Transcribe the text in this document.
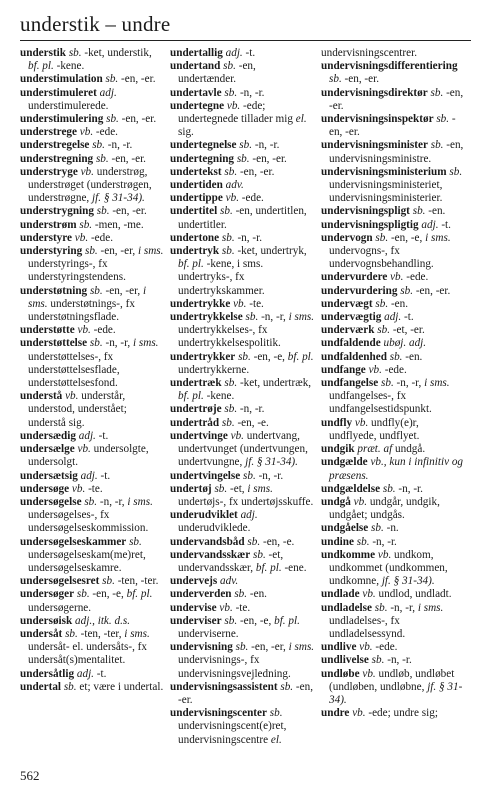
understik – undre

understik sb. -ket, understik, bf. pl. -kene.

understimulation sb. -en, -er.

understimuleret adj. understimulerede.

understimulering sb. -en, -er.

understrege vb. -ede.

understregelse sb. -n, -r.

understregning sb. -en, -er.

understryge vb. understrøg, understrøget (understrøgen, understrøgne, jf. § 31-34).

understrygning sb. -en, -er.

understrøm sb. -men, -me.

understyre vb. -ede.

understyring sb. -en, -er, i sms. understyrings-, fx understyringstendens.

understøtning sb. -en, -er, i sms. understøtnings-, fx understøtningsflade.

understøtte vb. -ede.

understøttelse sb. -n, -r, i sms. understøttelses-, fx understøttelsesflade, understøttelsesfond.

understå vb. understår, understod, understået; understå sig.

undersædig adj. -t.

undersælge vb. undersolgte, undersolgt.

undersætsig adj. -t.

undersøge vb. -te.

undersøgelse sb. -n, -r, i sms. undersøgelses-, fx undersøgelseskommission.

undersøgelseskammer sb. undersøgelseskam(me)ret, undersøgelseskamre.

undersøgelsesret sb. -ten, -ter.

undersøger sb. -en, -e, bf. pl. undersøgerne.

undersøisk adj., itk. d.s.

undersåt sb. -ten, -ter, i sms. undersåt- el. undersåts-, fx undersåt(s)mentalitet.

undersåtlig adj. -t.

undertal sb. et; være i undertal.

undertallig adj. -t.

undertand sb. -en, undertænder.

undertavle sb. -n, -r.

undertegne vb. -ede; undertegnede tillader mig el. sig.

undertegnelse sb. -n, -r.

undertegning sb. -en, -er.

undertekst sb. -en, -er.

undertiden adv.

undertippe vb. -ede.

undertitel sb. -en, undertitlen, undertitler.

undertone sb. -n, -r.

undertryk sb. -ket, undertryk, bf. pl. -kene, i sms. undertryks-, fx undertrykskammer.

undertrykke vb. -te.

undertrykkelse sb. -n, -r, i sms. undertrykkelses-, fx undertrykkelsespolitik.

undertrykker sb. -en, -e, bf. pl. undertrykkerne.

undertræk sb. -ket, undertræk, bf. pl. -kene.

undertrøje sb. -n, -r.

undertråd sb. -en, -e.

undertvinge vb. undertvang, undertvunget (undertvungen, undertvungne, jf. § 31-34).

undertvingelse sb. -n, -r.

undertøj sb. -et, i sms. undertøjs-, fx undertøjsskuffe.

underudviklet adj. underudviklede.

undervandsbåd sb. -en, -e.

undervandsskær sb. -et, undervandsskær, bf. pl. -ene.

undervejs adv.

underverden sb. -en.

undervise vb. -te.

underviser sb. -en, -e, bf. pl. underviserne.

undervisning sb. -en, -er, i sms. undervisnings-, fx undervisningsvejledning.

undervisningsassistent sb. -en, -er.

undervisningscenter sb. undervisningscent(e)ret, undervisningscentre el.

undervisningscentrer.

undervisningsdifferentiering sb. -en, -er.

undervisningsdirektør sb. -en, -er.

undervisningsinspektør sb. -en, -er.

undervisningsminister sb. -en, undervisningsministre.

undervisningsministerium sb. undervisningsministeriet, undervisningsministerier.

undervisningspligt sb. -en.

undervisningspligtig adj. -t.

undervogn sb. -en, -e, i sms. undervogns-, fx undervognsbehandling.

undervurdere vb. -ede.

undervurdering sb. -en, -er.

undervægt sb. -en.

undervægtig adj. -t.

underværk sb. -et, -er.

undfaldende ubøj. adj.

undfaldenhed sb. -en.

undfange vb. -ede.

undfangelse sb. -n, -r, i sms. undfangelses-, fx undfangelsestidspunkt.

undfly vb. undfly(e)r, undflyede, undflyet.

undgik præt. af undgå.

undgælde vb., kun i infinitiv og præsens.

undgældelse sb. -n, -r.

undgå vb. undgår, undgik, undgået; undgås.

undgåelse sb. -n.

undine sb. -n, -r.

undkomme vb. undkom, undkommet (undkommen, undkomne, jf. § 31-34).

undlade vb. undlod, undladt.

undladelse sb. -n, -r, i sms. undladelses-, fx undladelsessynd.

undlive vb. -ede.

undlivelse sb. -n, -r.

undløbe vb. undløb, undløbet (undløben, undløbne, jf. § 31-34).

undre vb. -ede; undre sig;

562
